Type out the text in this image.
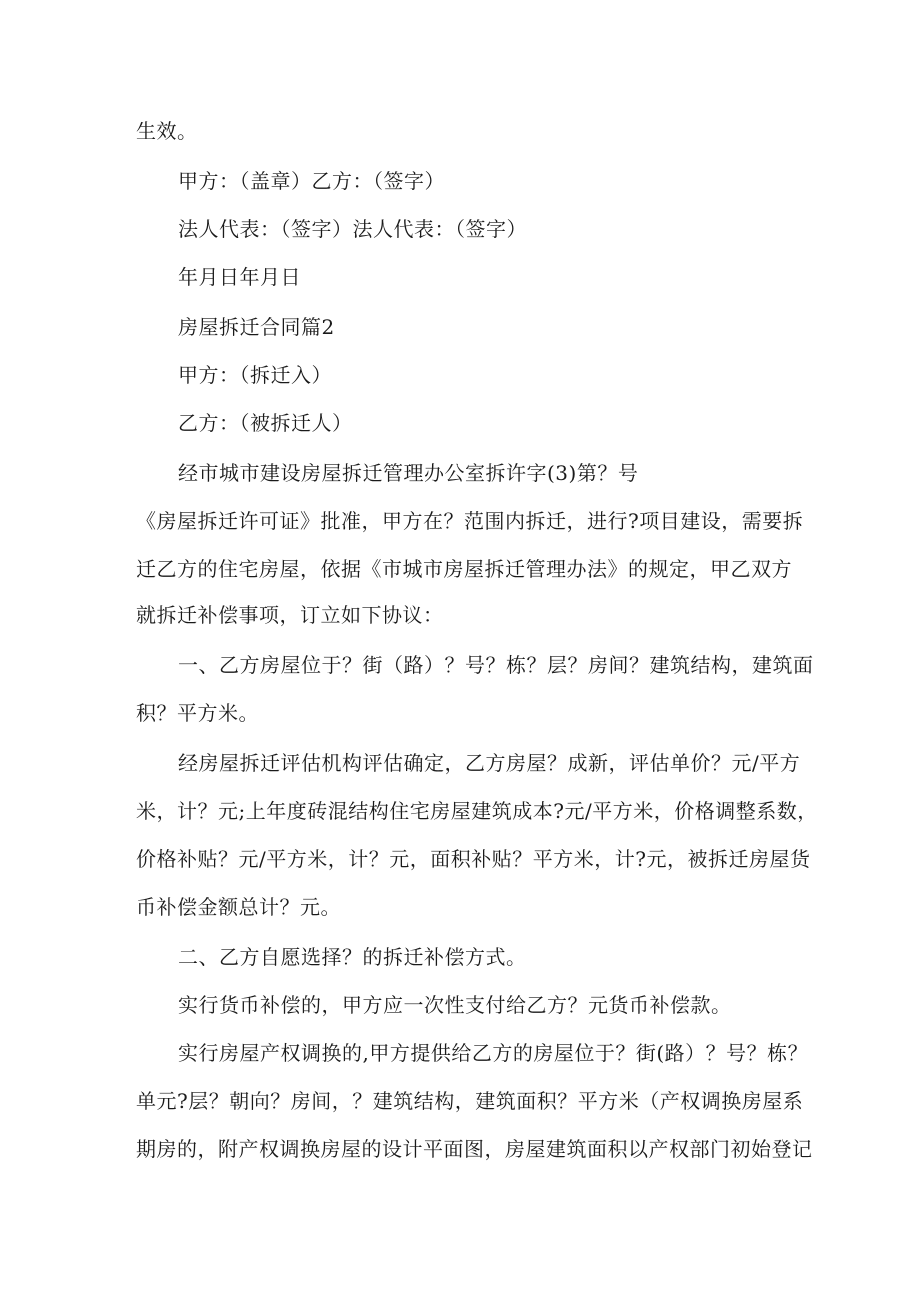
生效。

甲方：（盖章）乙方：（签字）

法人代表：（签字）法人代表：（签字）

年月日年月日

房屋拆迁合同篇2

甲方：（拆迁入）

乙方：（被拆迁人）

经市城市建设房屋拆迁管理办公室拆许字(3)第？号

《房屋拆迁许可证》批准，甲方在？范围内拆迁，进行?项目建设，需要拆

迁乙方的住宅房屋，依据《市城市房屋拆迁管理办法》的规定，甲乙双方

就拆迁补偿事项，订立如下协议：

一、乙方房屋位于？街（路）？号？栋？层？房间？建筑结构，建筑面

积？平方米。

经房屋拆迁评估机构评估确定，乙方房屋？成新，评估单价？元/平方

米，计？元;上年度砖混结构住宅房屋建筑成本?元/平方米，价格调整系数，

价格补贴？元/平方米，计？元，面积补贴？平方米，计?元，被拆迁房屋货

币补偿金额总计？元。

二、乙方自愿选择？的拆迁补偿方式。

实行货币补偿的，甲方应一次性支付给乙方？元货币补偿款。

实行房屋产权调换的,甲方提供给乙方的房屋位于？街(路）？号？栋？

单元?层？朝向？房间，？建筑结构，建筑面积？平方米（产权调换房屋系

期房的，附产权调换房屋的设计平面图，房屋建筑面积以产权部门初始登记
